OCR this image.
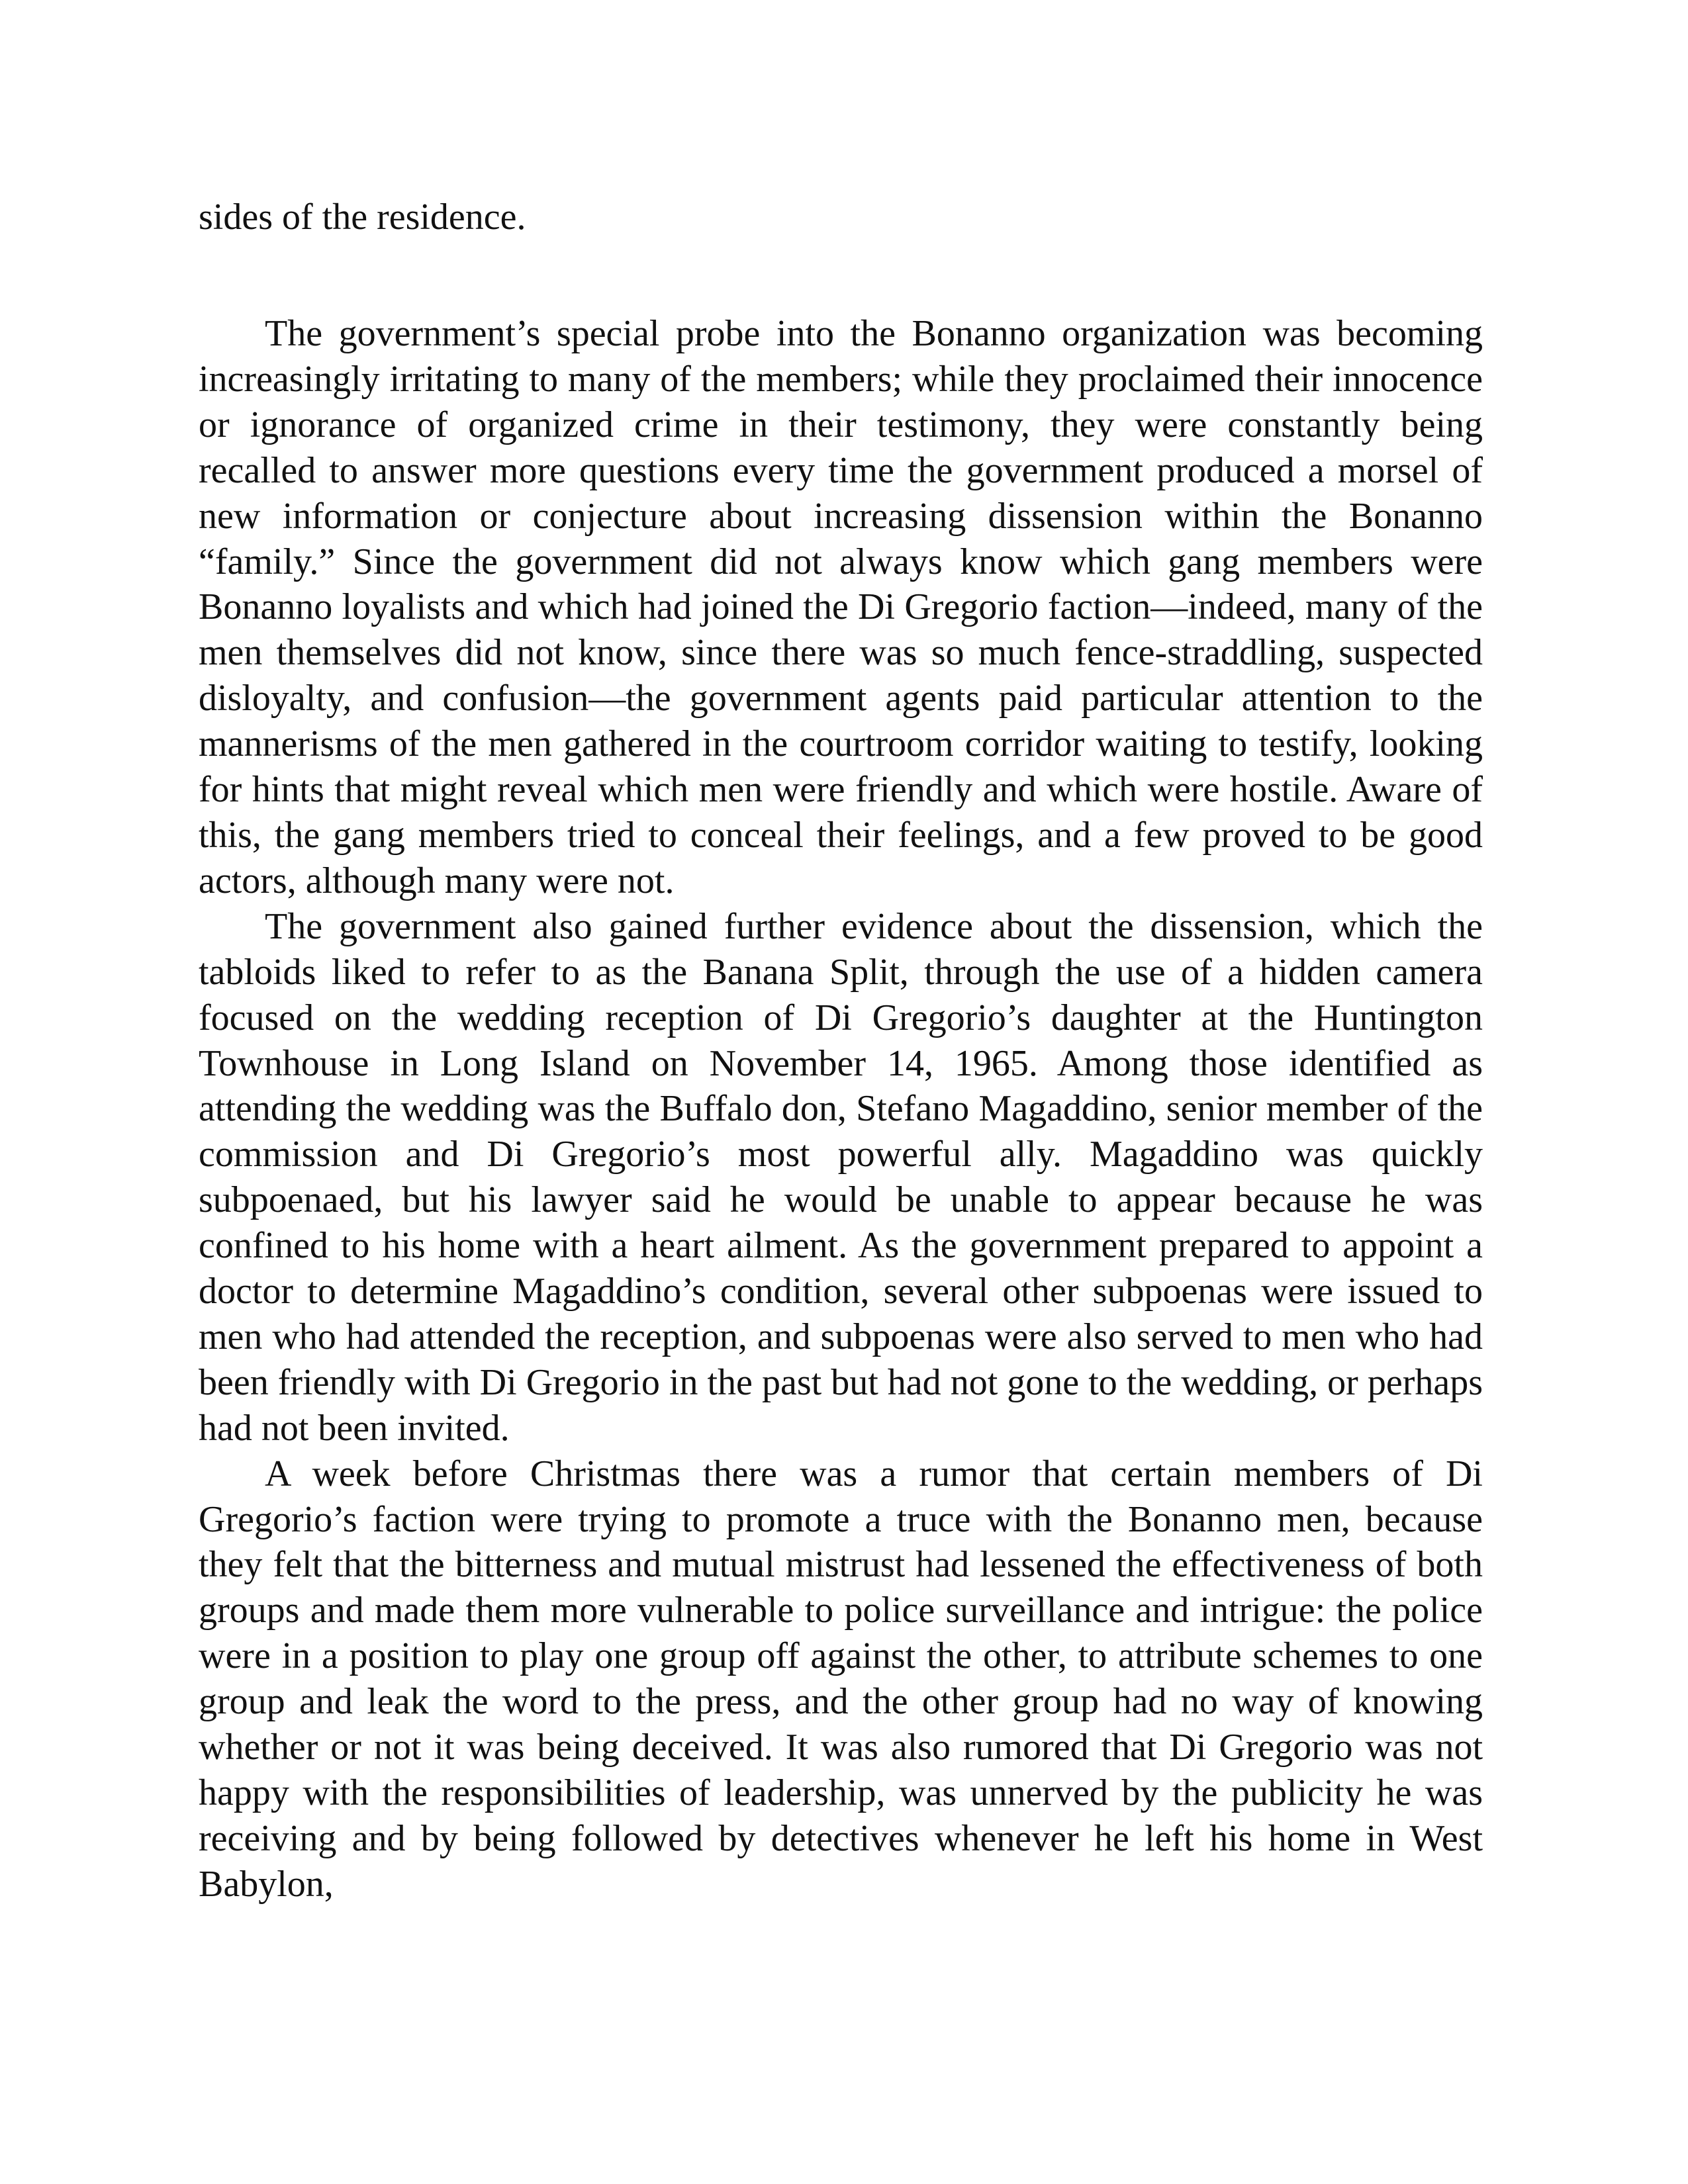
sides of the residence.

The government’s special probe into the Bonanno organization was becoming increasingly irritating to many of the members; while they proclaimed their innocence or ignorance of organized crime in their testimony, they were constantly being recalled to answer more questions every time the government produced a morsel of new information or conjecture about increasing dissension within the Bonanno “family.” Since the government did not always know which gang members were Bonanno loyalists and which had joined the Di Gregorio faction—indeed, many of the men themselves did not know, since there was so much fence-straddling, suspected disloyalty, and confusion—the government agents paid particular attention to the mannerisms of the men gathered in the courtroom corridor waiting to testify, looking for hints that might reveal which men were friendly and which were hostile. Aware of this, the gang members tried to conceal their feelings, and a few proved to be good actors, although many were not.

The government also gained further evidence about the dissension, which the tabloids liked to refer to as the Banana Split, through the use of a hidden camera focused on the wedding reception of Di Gregorio’s daughter at the Huntington Townhouse in Long Island on November 14, 1965. Among those identified as attending the wedding was the Buffalo don, Stefano Magaddino, senior member of the commission and Di Gregorio’s most powerful ally. Magaddino was quickly subpoenaed, but his lawyer said he would be unable to appear because he was confined to his home with a heart ailment. As the government prepared to appoint a doctor to determine Magaddino’s condition, several other subpoenas were issued to men who had attended the reception, and subpoenas were also served to men who had been friendly with Di Gregorio in the past but had not gone to the wedding, or perhaps had not been invited.

A week before Christmas there was a rumor that certain members of Di Gregorio’s faction were trying to promote a truce with the Bonanno men, because they felt that the bitterness and mutual mistrust had lessened the effectiveness of both groups and made them more vulnerable to police surveillance and intrigue: the police were in a position to play one group off against the other, to attribute schemes to one group and leak the word to the press, and the other group had no way of knowing whether or not it was being deceived. It was also rumored that Di Gregorio was not happy with the responsibilities of leadership, was unnerved by the publicity he was receiving and by being followed by detectives whenever he left his home in West Babylon,
